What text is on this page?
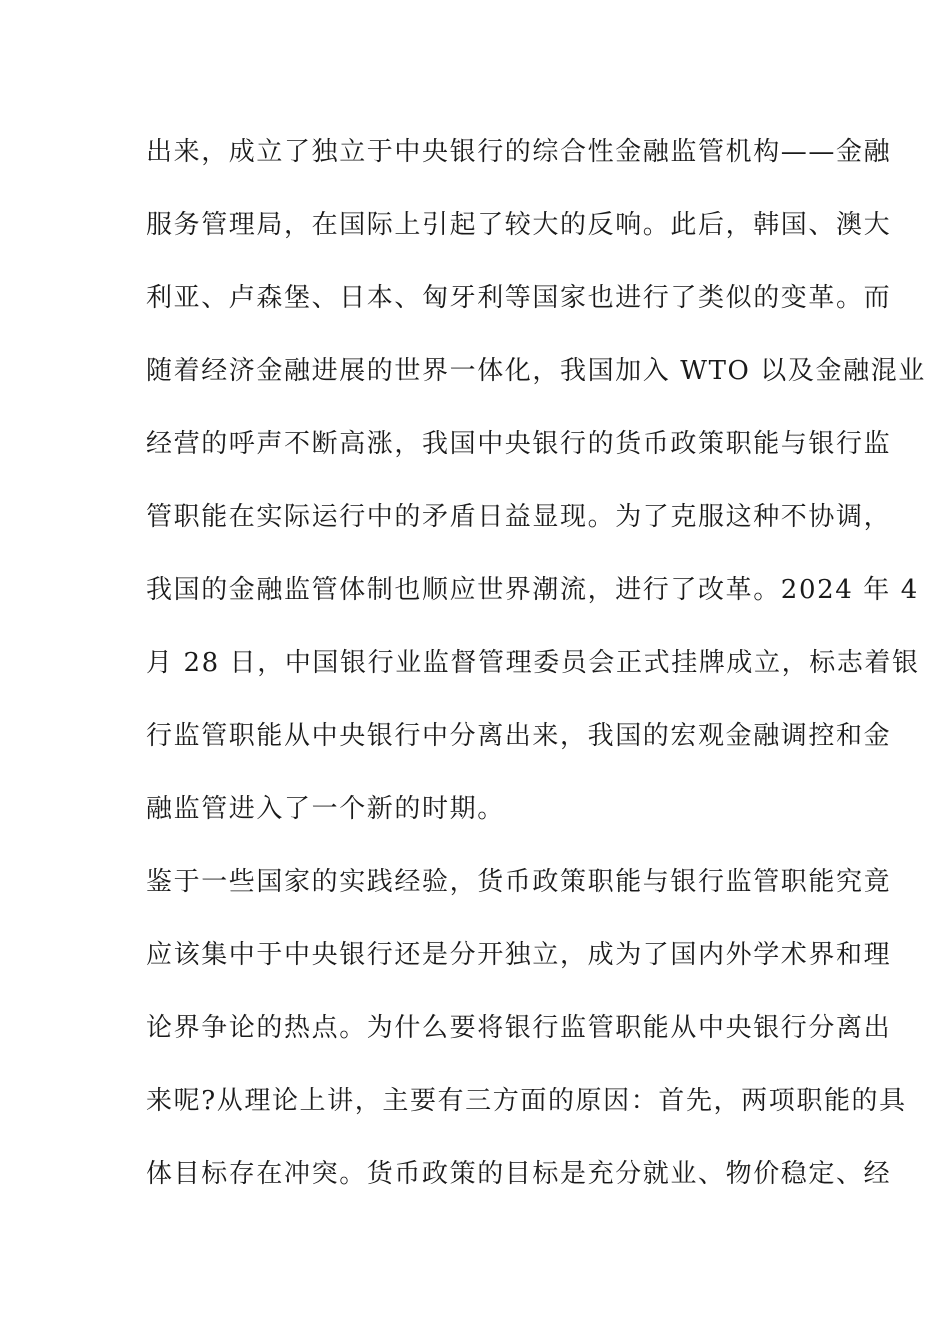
出来，成立了独立于中央银行的综合性金融监管机构——金融
服务管理局，在国际上引起了较大的反响。此后，韩国、澳大
利亚、卢森堡、日本、匈牙利等国家也进行了类似的变革。而
随着经济金融进展的世界一体化，我国加入 WTO 以及金融混业
经营的呼声不断高涨，我国中央银行的货币政策职能与银行监
管职能在实际运行中的矛盾日益显现。为了克服这种不协调，
我国的金融监管体制也顺应世界潮流，进行了改革。2024 年 4
月 28 日，中国银行业监督管理委员会正式挂牌成立，标志着银
行监管职能从中央银行中分离出来，我国的宏观金融调控和金
融监管进入了一个新的时期。
鉴于一些国家的实践经验，货币政策职能与银行监管职能究竟
应该集中于中央银行还是分开独立，成为了国内外学术界和理
论界争论的热点。为什么要将银行监管职能从中央银行分离出
来呢?从理论上讲，主要有三方面的原因：首先，两项职能的具
体目标存在冲突。货币政策的目标是充分就业、物价稳定、经
